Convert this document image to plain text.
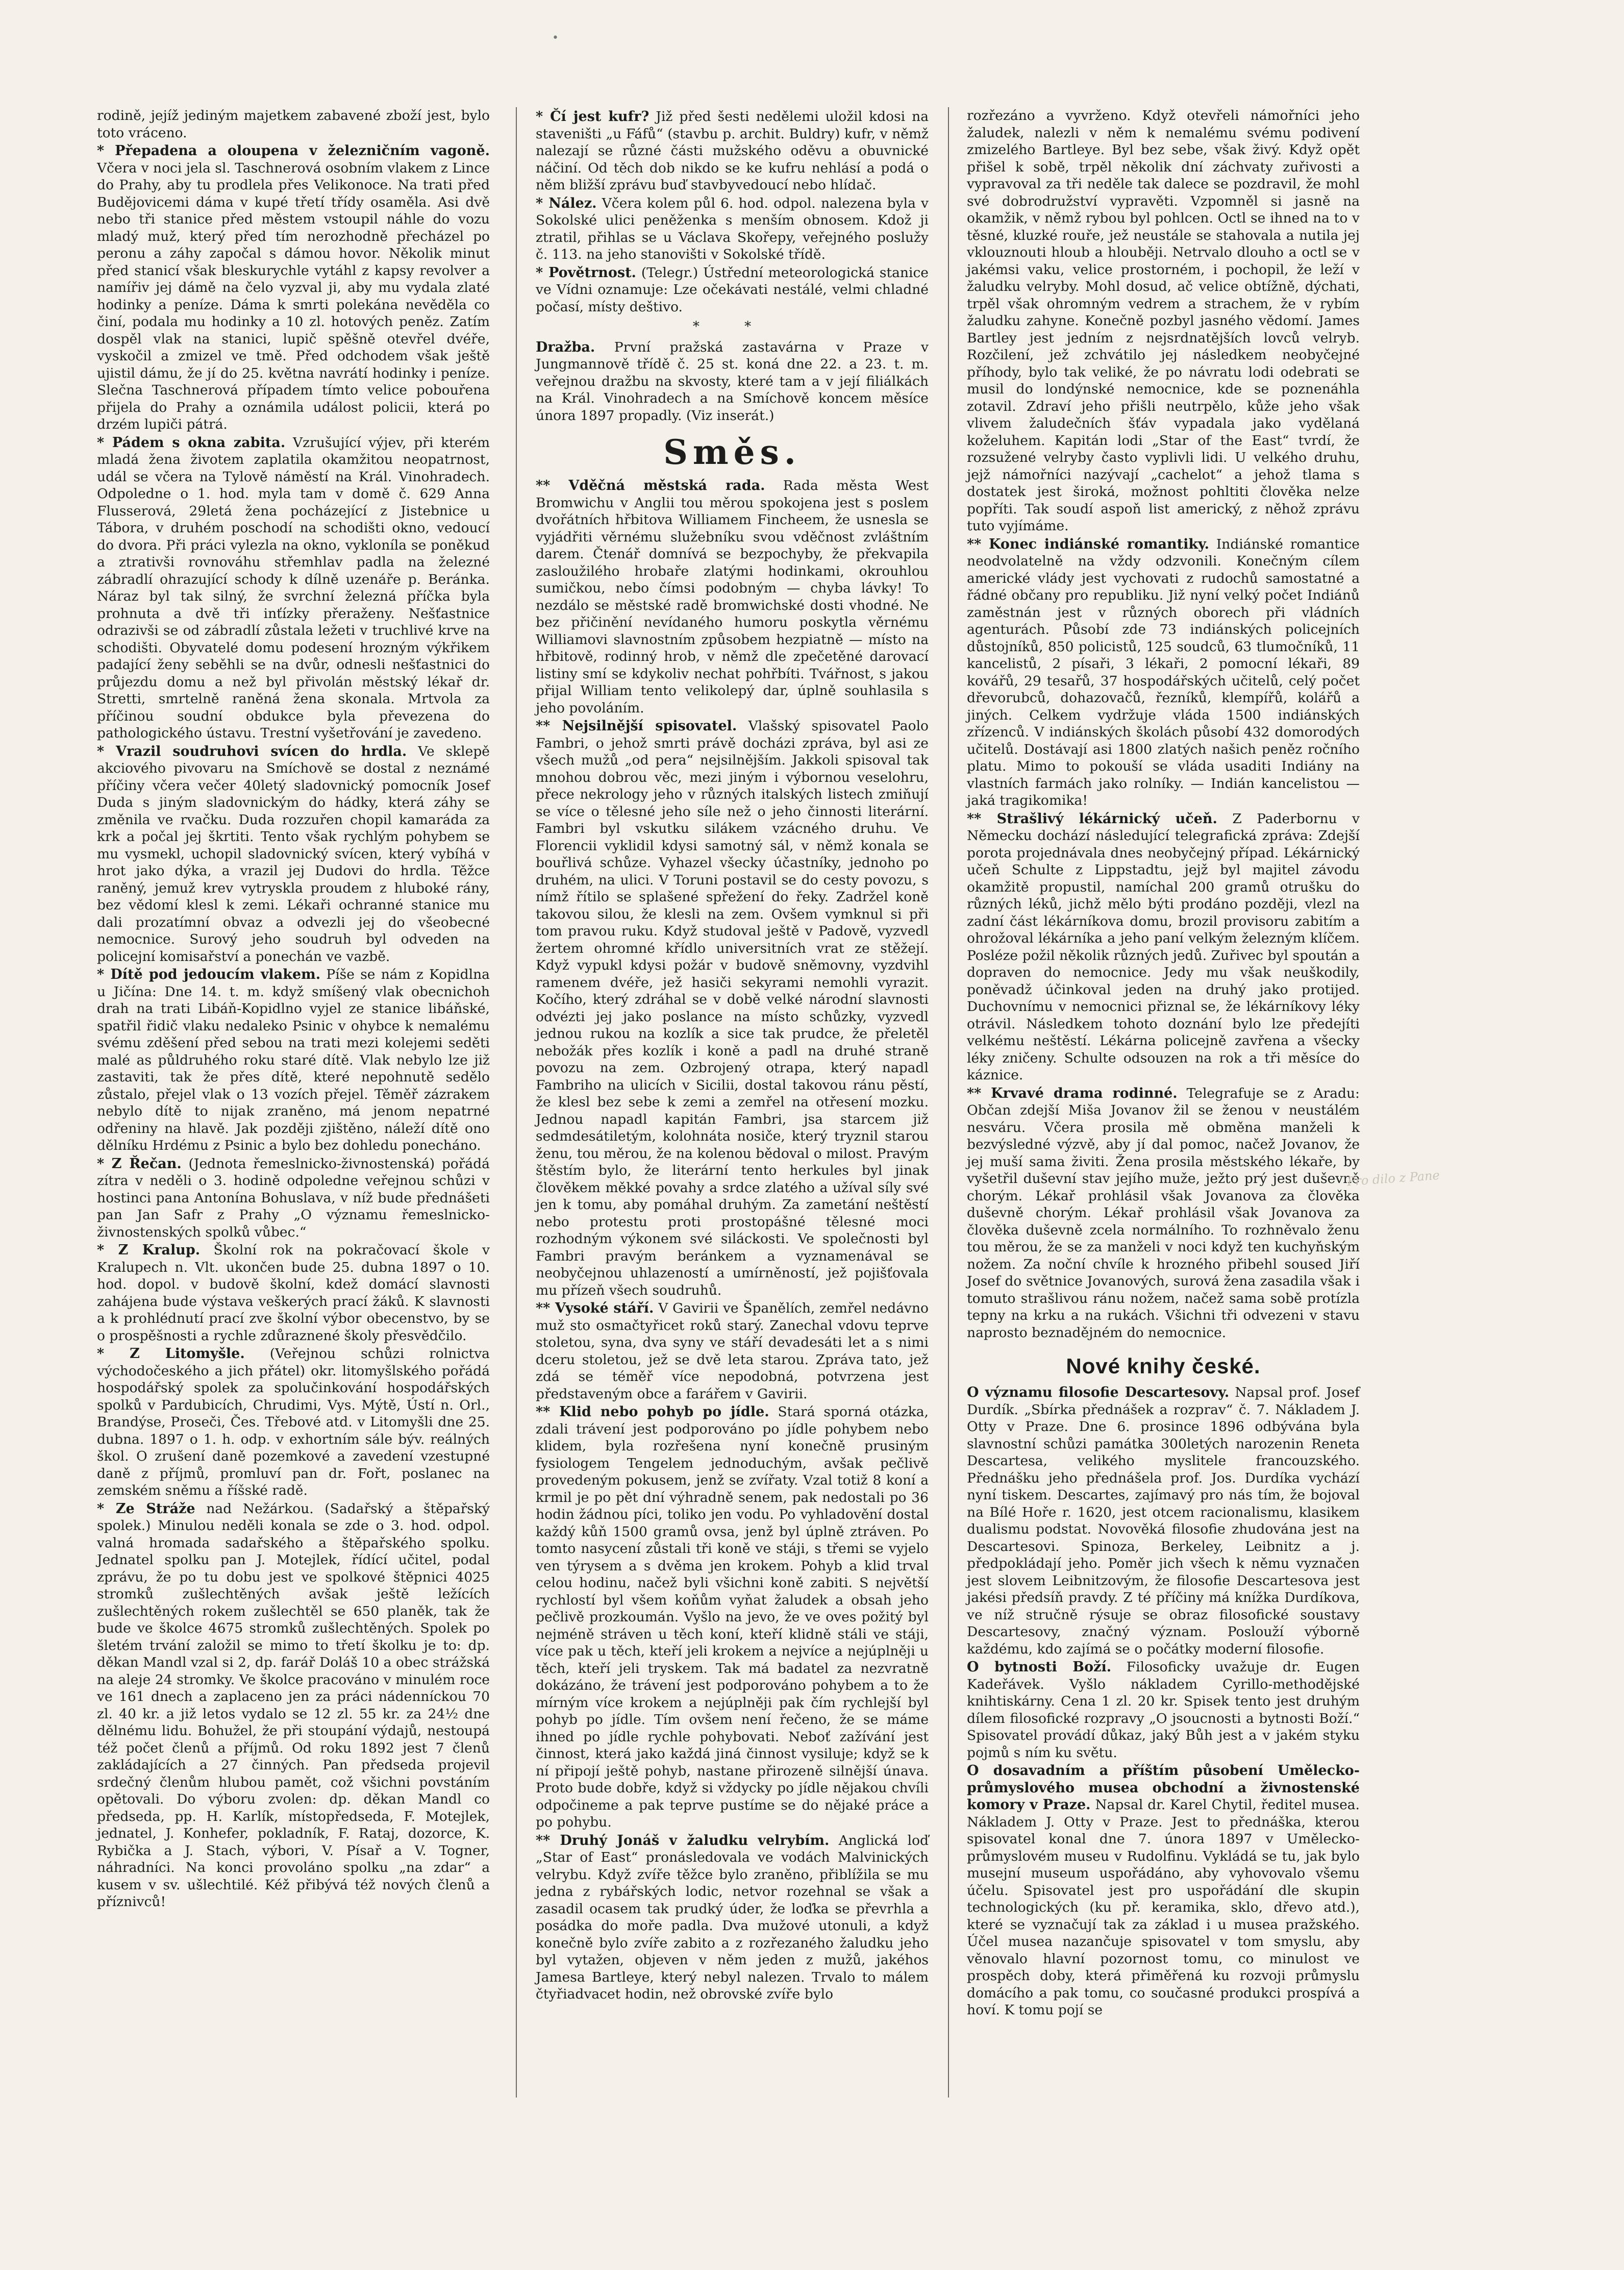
•

rodině, jejíž jediným majetkem zabavené zboží jest, bylo toto vráceno.

* Přepadena a oloupena v železničním vagoně. Včera v noci jela sl. Taschnerová osobním vlakem z Lince do Prahy, aby tu prodlela přes Velikonoce. Na trati před Budějovicemi dáma v kupé třetí třídy osaměla. Asi dvě nebo tři stanice před městem vstoupil náhle do vozu mladý muž, který před tím nerozhodně přecházel po peronu a záhy započal s dámou hovor. Několik minut před stanicí však bleskurychle vytáhl z kapsy revolver a namířiv jej dámě na čelo vyzval ji, aby mu vydala zlaté hodinky a peníze. Dáma k smrti polekána nevěděla co činí, podala mu hodinky a 10 zl. hotových peněz. Zatím dospěl vlak na stanici, lupič spěšně otevřel dvéře, vyskočil a zmizel ve tmě. Před odchodem však ještě ujistil dámu, že jí do 25. května navrátí hodinky i peníze. Slečna Taschnerová případem tímto velice pobouřena přijela do Prahy a oznámila událost policii, která po drzém lupiči pátrá.

* Pádem s okna zabita. Vzrušující výjev, při kterém mladá žena životem zaplatila okamžitou neopatrnost, udál se včera na Tylově náměstí na Král. Vinohradech. Odpoledne o 1. hod. myla tam v domě č. 629 Anna Flusserová, 29letá žena pocházející z Jistebnice u Tábora, v druhém poschodí na schodišti okno, vedoucí do dvora. Při práci vylezla na okno, vykloníla se poněkud a ztrativši rovnováhu střemhlav padla na železné zábradlí ohrazující schody k dílně uzenáře p. Beránka. Náraz byl tak silný, že svrchní železná příčka byla prohnuta a dvě tři inťízky přeraženy. Nešťastnice odrazivši se od zábradlí zůstala ležeti v truchlivé krve na schodišti. Obyvatelé domu podesení hrozným výkřikem padající ženy seběhli se na dvůr, odnesli nešťastnici do průjezdu domu a než byl přivolán městský lékař dr. Stretti, smrtelně raněná žena skonala. Mrtvola za příčinou soudní obdukce byla převezena do pathologického ústavu. Trestní vyšetřování je zavedeno.

* Vrazil soudruhovi svícen do hrdla. Ve sklepě akciového pivovaru na Smíchově se dostal z neznámé příčiny včera večer 40letý sladovnický pomocník Josef Duda s jiným sladovnickým do hádky, která záhy se změnila ve rvačku. Duda rozzuřen chopil kamaráda za krk a počal jej škrtiti. Tento však rychlým pohybem se mu vysmekl, uchopil sladovnický svícen, který vybíhá v hrot jako dýka, a vrazil jej Dudovi do hrdla. Těžce raněný, jemuž krev vytryskla proudem z hluboké rány, bez vědomí klesl k zemi. Lékaři ochranné stanice mu dali prozatímní obvaz a odvezli jej do všeobecné nemocnice. Surový jeho soudruh byl odveden na policejní komisařství a ponechán ve vazbě.

* Dítě pod jedoucím vlakem. Píše se nám z Kopidlna u Jičína: Dne 14. t. m. když smíšený vlak obecnichoh drah na trati Libáň-Kopidlno vyjel ze stanice libáňské, spatřil řidič vlaku nedaleko Psinic v ohybce k nemalému svému zděšení před sebou na trati mezi kolejemi seděti malé as půldruhého roku staré dítě. Vlak nebylo lze již zastaviti, tak že přes dítě, které nepohnutě sedělo zůstalo, přejel vlak o 13 vozích přejel. Těměř zázrakem nebylo dítě to nijak zraněno, má jenom nepatrné odřeniny na hlavě. Jak později zjištěno, náleží dítě ono dělníku Hrdému z Psinic a bylo bez dohledu ponecháno.

* Z Řečan. (Jednota řemeslnicko-živnostenská) pořádá zítra v neděli o 3. hodině odpoledne veřejnou schůzi v hostinci pana Antonína Bohuslava, v níž bude přednášeti pan Jan Safr z Prahy „O významu řemeslnicko-živnostenských spolků vůbec.“

* Z Kralup. Školní rok na pokračovací škole v Kralupech n. Vlt. ukončen bude 25. dubna 1897 o 10. hod. dopol. v budově školní, kdež domácí slavnosti zahájena bude výstava veškerých prací žáků. K slavnosti a k prohlédnutí prací zve školní výbor obecenstvo, by se o prospěšnosti a rychle zdůraznené školy přesvědčilo.

* Z Litomyšle. (Veřejnou schůzi rolnictva východočeského a jich přátel) okr. litomyšlského pořádá hospodářský spolek za spolučinkování hospodářských spolků v Pardubicích, Chrudimi, Vys. Mýtě, Ústí n. Orl., Brandýse, Proseči, Čes. Třebové atd. v Litomyšli dne 25. dubna. 1897 o 1. h. odp. v exhortním sále býv. reálných škol. O zrušení daně pozemkové a zavedení vzestupné daně z příjmů, promluví pan dr. Fořt, poslanec na zemském sněmu a říšské radě.

* Ze Stráže nad Nežárkou. (Sadařský a štěpařský spolek.) Minulou neděli konala se zde o 3. hod. odpol. valná hromada sadařského a štěpařského spolku. Jednatel spolku pan J. Motejlek, řídící učitel, podal zprávu, že po tu dobu jest ve spolkové štěpnici 4025 stromků zušlechtěných avšak ještě ležících zušlechtěných rokem zušlechtěl se 650 planěk, tak že bude ve školce 4675 stromků zušlechtěných. Spolek po šletém trvání založil se mimo to třetí školku je to: dp. děkan Mandl vzal si 2, dp. farář Doláš 10 a obec strážská na aleje 24 stromky. Ve školce pracováno v minulém roce ve 161 dnech a zaplaceno jen za práci nádenníckou 70 zl. 40 kr. a již letos vydalo se 12 zl. 55 kr. za 24½ dne dělnému lidu. Bohužel, že při stoupání výdajů, nestoupá též počet členů a příjmů. Od roku 1892 jest 7 členů zakládajících a 27 činných. Pan předseda projevil srdečný členům hlubou pamět, což všichni povstáním opětovali. Do výboru zvolen: dp. děkan Mandl co předseda, pp. H. Karlík, místopředseda, F. Motejlek, jednatel, J. Konhefer, pokladník, F. Rataj, dozorce, K. Rybička a J. Stach, výbori, V. Písař a V. Togner, náhradníci. Na konci provoláno spolku „na zdar“ a kusem v sv. ušlechtilé. Kéž přibývá též nových členů a příznivců!

* Čí jest kufr? Již před šesti nedělemi uložil kdosi na staveništi „u Fáfů“ (stavbu p. archit. Buldry) kufr, v němž nalezají se různé části mužského oděvu a obuvnické náčiní. Od těch dob nikdo se ke kufru nehlásí a podá o něm bližší zprávu buď stavbyvedoucí nebo hlídač.

* Nález. Včera kolem půl 6. hod. odpol. nalezena byla v Sokolské ulici peněženka s menším obnosem. Kdož ji ztratil, přihlas se u Václava Skořepy, veřejného poslužy č. 113. na jeho stanovišti v Sokolské třídě.

* Povětrnost. (Telegr.) Ústřední meteorologická stanice ve Vídni oznamuje: Lze očekávati nestálé, velmi chladné počasí, místy deštivo.

* *

Dražba. První pražská zastavárna v Praze v Jungmannově třídě č. 25 st. koná dne 22. a 23. t. m. veřejnou dražbu na skvosty, které tam a v její filiálkách na Král. Vinohradech a na Smíchově koncem měsíce února 1897 propadly. (Viz inserát.)

Směs.

** Vděčná městská rada. Rada města West Bromwichu v Anglii tou měrou spokojena jest s poslem dvořátních hřbitova Williamem Fincheem, že usnesla se vyjádřiti věrnému služebníku svou vděčnost zvláštním darem. Čtenář domnívá se bezpochyby, že překvapila zasloužilého hrobaře zlatými hodinkami, okrouhlou sumičkou, nebo čímsi podobným — chyba lávky! To nezdálo se městské radě bromwichské dosti vhodné. Ne bez přičinění nevídaného humoru poskytla věrnému Williamovi slavnostním způsobem hezpiatně — místo na hřbitově, rodinný hrob, v němž dle zpečetěné darovací listiny smí se kdykoliv nechat pohřbíti. Tvářnost, s jakou přijal William tento velikolepý dar, úplně souhlasila s jeho povoláním.

** Nejsilnější spisovatel. Vlašský spisovatel Paolo Fambri, o jehož smrti právě docházi zpráva, byl asi ze všech mužů „od pera“ nejsilnějším. Jakkoli spisoval tak mnohou dobrou věc, mezi jiným i výbornou veselohru, přece nekrology jeho v různých italských listech zmiňují se více o tělesné jeho síle než o jeho činnosti literární. Fambri byl vskutku silákem vzácného druhu. Ve Florencii vyklidil kdysi samotný sál, v němž konala se bouřlivá schůze. Vyhazel všecky účastníky, jednoho po druhém, na ulici. V Toruni postavil se do cesty povozu, s nímž řítilo se splašené spřežení do řeky. Zadržel koně takovou silou, že klesli na zem. Ovšem vymknul si při tom pravou ruku. Když studoval ještě v Padově, vyzvedl žertem ohromné křídlo universitních vrat ze stěžejí. Když vypukl kdysi požár v budově sněmovny, vyzdvihl ramenem dvéře, jež hasiči sekyrami nemohli vyrazit. Kočího, který zdráhal se v době velké národní slavnosti odvézti jej jako poslance na místo schůzky, vyzvedl jednou rukou na kozlík a sice tak prudce, že přeletěl nebožák přes kozlík i koně a padl na druhé straně povozu na zem. Ozbrojený otrapa, který napadl Fambriho na ulicích v Sicilii, dostal takovou ránu pěstí, že klesl bez sebe k zemi a zemřel na otřesení mozku. Jednou napadl kapitán Fambri, jsa starcem již sedmdesátiletým, kolohnáta nosiče, který tryznil starou ženu, tou měrou, že na kolenou bědoval o milost. Pravým štěstím bylo, že literární tento herkules byl jinak člověkem měkké povahy a srdce zlatého a užíval síly své jen k tomu, aby pomáhal druhým. Za zametání neštěstí nebo protestu proti prostopášné tělesné moci rozhodným výkonem své siláckosti. Ve společnosti byl Fambri pravým beránkem a vyznamenával se neobyčejnou uhlazeností a umírněností, jež pojišťovala mu přízeň všech soudruhů.

** Vysoké stáří. V Gavirii ve Španělích, zemřel nedávno muž sto osmačtyřicet roků starý. Zanechal vdovu teprve stoletou, syna, dva syny ve stáří devadesáti let a s nimi dceru stoletou, jež se dvě leta starou. Zpráva tato, jež zdá se téměř více nepodobná, potvrzena jest představeným obce a farářem v Gavirii.

** Klid nebo pohyb po jídle. Stará sporná otázka, zdali trávení jest podporováno po jídle pohybem nebo klidem, byla rozřešena nyní konečně prusiným fysiologem Tengelem jednoduchým, avšak pečlivě provedeným pokusem, jenž se zvířaty. Vzal totiž 8 koní a krmil je po pět dní výhradně senem, pak nedostali po 36 hodin žádnou píci, toliko jen vodu. Po vyhladovění dostal každý kůň 1500 gramů ovsa, jenž byl úplně ztráven. Po tomto nasycení zůstali tři koně ve stáji, s třemi se vyjelo ven týrysem a s dvěma jen krokem. Pohyb a klid trval celou hodinu, načež byli všichni koně zabiti. S největší rychlostí byl všem koňům vyňat žaludek a obsah jeho pečlivě prozkoumán. Vyšlo na jevo, že ve oves požitý byl nejméně stráven u těch koní, kteří klidně stáli ve stáji, více pak u těch, kteří jeli krokem a nejvíce a nejúplněji u těch, kteří jeli tryskem. Tak má badatel za nezvratně dokázáno, že trávení jest podporováno pohybem a to že mírným více krokem a nejúplněji pak čím rychlejší byl pohyb po jídle. Tím ovšem není řečeno, že se máme ihned po jídle rychle pohybovati. Neboť zažívání jest činnost, která jako každá jiná činnost vysiluje; když se k ní připojí ještě pohyb, nastane přirozeně silnější únava. Proto bude dobře, když si vždycky po jídle nějakou chvíli odpočineme a pak teprve pustíme se do nějaké práce a po pohybu.

** Druhý Jonáš v žaludku velrybím. Anglická loď „Star of East“ pronásledovala ve vodách Malvinických velrybu. Když zvíře těžce bylo zraněno, přiblížila se mu jedna z rybářských lodic, netvor rozehnal se však a zasadil ocasem tak prudký úder, že loďka se převrhla a posádka do moře padla. Dva mužové utonuli, a když konečně bylo zvíře zabito a z rozřezaného žaludku jeho byl vytažen, objeven v něm jeden z mužů, jakéhos Jamesa Bartleye, který nebyl nalezen. Trvalo to málem čtyřiadvacet hodin, než obrovské zvíře bylo

rozřezáno a vyvrženo. Když otevřeli námořníci jeho žaludek, nalezli v něm k nemalému svému podivení zmizelého Bartleye. Byl bez sebe, však živý. Když opět přišel k sobě, trpěl několik dní záchvaty zuřivosti a vypravoval za tři neděle tak dalece se pozdravil, že mohl své dobrodružství vypravěti. Vzpomněl si jasně na okamžik, v němž rybou byl pohlcen. Octl se ihned na to v těsné, kluzké rouře, jež neustále se stahovala a nutila jej vklouznouti hloub a hlouběji. Netrvalo dlouho a octl se v jakémsi vaku, velice prostorném, i pochopil, že leží v žaludku velryby. Mohl dosud, ač velice obtížně, dýchati, trpěl však ohromným vedrem a strachem, že v rybím žaludku zahyne. Konečně pozbyl jasného vědomí. James Bartley jest jedním z nejsrdnatějších lovců velryb. Rozčilení, jež zchvátilo jej následkem neobyčejné příhody, bylo tak veliké, že po návratu lodi odebrati se musil do londýnské nemocnice, kde se poznenáhla zotavil. Zdraví jeho přišli neutrpělo, kůže jeho však vlivem žaludečních šťáv vypadala jako vydělaná koželuhem. Kapitán lodi „Star of the East“ tvrdí, že rozsužené velryby často vyplivli lidi. U velkého druhu, jejž námořníci nazývají „cachelot“ a jehož tlama s dostatek jest široká, možnost pohltiti člověka nelze popříti. Tak soudí aspoň list americký, z něhož zprávu tuto vyjímáme.

** Konec indiánské romantiky. Indiánské romantice neodvolatelně na vždy odzvonili. Konečným cílem americké vlády jest vychovati z rudochů samostatné a řádné občany pro republiku. Již nyní velký počet Indiánů zaměstnán jest v různých oborech při vládních agenturách. Působí zde 73 indiánských policejních důstojníků, 850 policistů, 125 soudců, 63 tlumočníků, 11 kancelistů, 2 písaři, 3 lékaři, 2 pomocní lékaři, 89 kovářů, 29 tesařů, 37 hospodářských učitelů, celý počet dřevorubců, dohazovačů, řezníků, klempířů, kolářů a jiných. Celkem vydržuje vláda 1500 indiánských zřízenců. V indiánských školách působí 432 domorodých učitelů. Dostávají asi 1800 zlatých našich peněz ročního platu. Mimo to pokouší se vláda usaditi Indiány na vlastních farmách jako rolníky. — Indián kancelistou — jaká tragikomika!

** Strašlivý lékárnický učeň. Z Paderbornu v Německu dochází následující telegrafická zpráva: Zdejší porota projednávala dnes neobyčejný případ. Lékárnický učeň Schulte z Lippstadtu, jejž byl majitel závodu okamžitě propustil, namíchal 200 gramů otrušku do různých léků, jichž mělo býti prodáno později, vlezl na zadní část lékárníkova domu, brozil provisoru zabitím a ohrožoval lékárníka a jeho paní velkým železným klíčem. Posléze požil několik různých jedů. Zuřivec byl spoután a dopraven do nemocnice. Jedy mu však neuškodily, poněvadž účinkoval jeden na druhý jako protijed. Duchovnímu v nemocnici přiznal se, že lékárníkovy léky otrávil. Následkem tohoto doznání bylo lze předejíti velkému neštěstí. Lékárna policejně zavřena a všecky léky zničeny. Schulte odsouzen na rok a tři měsíce do káznice.

** Krvavé drama rodinné. Telegrafuje se z Aradu: Občan zdejší Miša Jovanov žil se ženou v neustálém nesváru. Včera prosila mě obměna manželi k bezvýsledné výzvě, aby jí dal pomoc, načež Jovanov, že jej muší sama živiti. Žena prosila městského lékaře, by vyšetřil duševní stav jejího muže, ježto prý jest duševně chorým. Lékař prohlásil však Jovanova za člověka duševně chorým. Lékař prohlásil však Jovanova za člověka duševně zcela normálního. To rozhněvalo ženu tou měrou, že se za manželi v noci když ten kuchyňským nožem. Za noční chvíle k hrozného přibehl soused Jiří Josef do světnice Jovanových, surová žena zasadila však i tomuto strašlivou ránu nožem, načež sama sobě protízla tepny na krku a na rukách. Všichni tři odvezeni v stavu naprosto beznadějném do nemocnice.

Nové knihy české.

O významu filosofie Descartesovy. Napsal prof. Josef Durdík. „Sbírka přednášek a rozprav“ č. 7. Nákladem J. Otty v Praze. Dne 6. prosince 1896 odbývána byla slavnostní schůzi památka 300letých narozenin Reneta Descartesa, velikého myslitele francouzského. Přednášku jeho přednášela prof. Jos. Durdíka vychází nyní tiskem. Descartes, zajímavý pro nás tím, že bojoval na Bílé Hoře r. 1620, jest otcem racionalismu, klasikem dualismu podstat. Novověká filosofie zhudována jest na Descartesovi. Spinoza, Berkeley, Leibnitz a j. předpokládají jeho. Poměr jich všech k němu vyznačen jest slovem Leibnitzovým, že filosofie Descartesova jest jakési předsíň pravdy. Z té příčiny má knížka Durdíkova, ve níž stručně rýsuje se obraz filosofické soustavy Descartesovy, značný význam. Poslouží výborně každému, kdo zajímá se o počátky moderní filosofie.

O bytnosti Boží. Filosoficky uvažuje dr. Eugen Kadeřávek. Vyšlo nákladem Cyrillo-methodějské knihtiskárny. Cena 1 zl. 20 kr. Spisek tento jest druhým dílem filosofické rozpravy „O jsoucnosti a bytnosti Boží.“ Spisovatel provádí důkaz, jaký Bůh jest a v jakém styku pojmů s ním ku světu.

O dosavadním a příštím působení Umělecko-průmyslového musea obchodní a živnostenské komory v Praze. Napsal dr. Karel Chytil, ředitel musea. Nákladem J. Otty v Praze. Jest to přednáška, kterou spisovatel konal dne 7. února 1897 v Umělecko-průmyslovém museu v Rudolfinu. Vykládá se tu, jak bylo musejní museum uspořádáno, aby vyhovovalo všemu účelu. Spisovatel jest pro uspořádání dle skupin technologických (ku př. keramika, sklo, dřevo atd.), které se vyznačují tak za základ i u musea pražského. Účel musea nazančuje spisovatel v tom smyslu, aby věnovalo hlavní pozornost tomu, co minulost ve prospěch doby, která přiměřená ku rozvoji průmyslu domácího a pak tomu, co současné produkci prospívá a hoví. K tomu pojí se

Pro dilo z Pane
